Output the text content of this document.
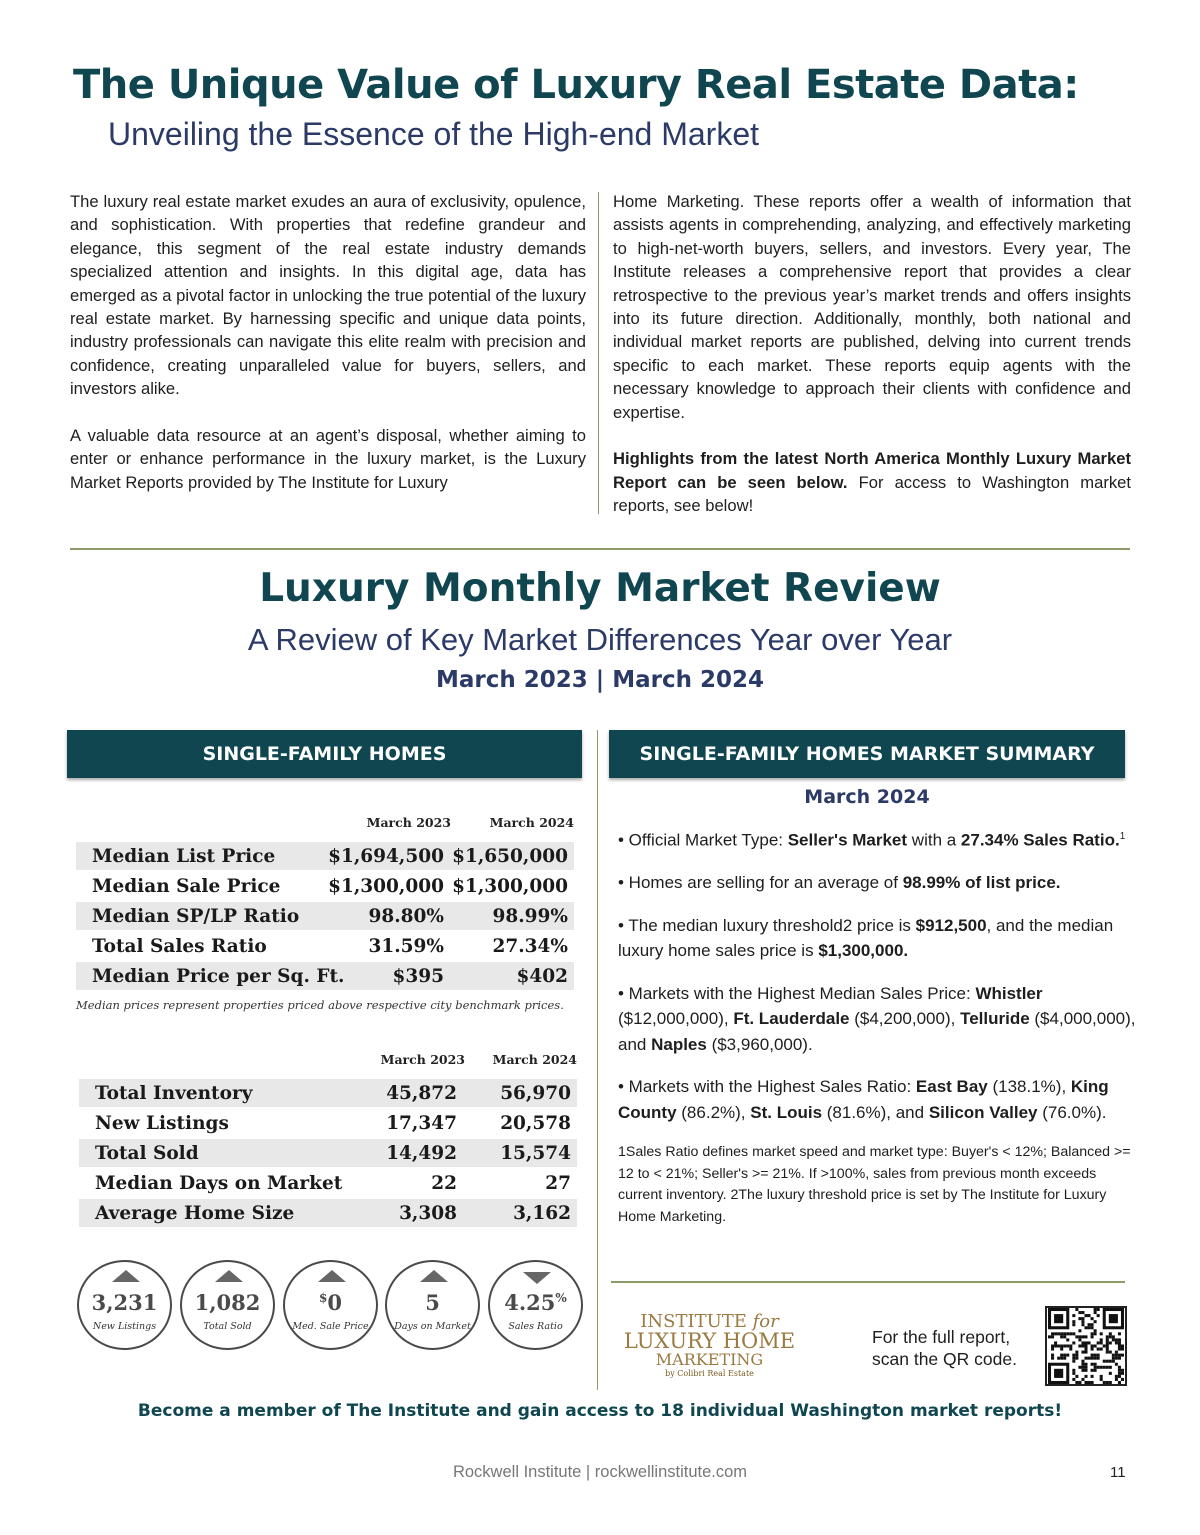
The Unique Value of Luxury Real Estate Data:
Unveiling the Essence of the High-end Market

The luxury real estate market exudes an aura of exclusivity, opulence, and sophistication. With properties that redefine grandeur and elegance, this segment of the real estate industry demands specialized attention and insights. In this digital age, data has emerged as a pivotal factor in unlocking the true potential of the luxury real estate market. By harnessing specific and unique data points, industry professionals can navigate this elite realm with precision and confidence, creating unparalleled value for buyers, sellers, and investors alike.

A valuable data resource at an agent’s disposal, whether aiming to enter or enhance performance in the luxury market, is the Luxury Market Reports provided by The Institute for Luxury

Home Marketing. These reports offer a wealth of information that assists agents in comprehending, analyzing, and effectively marketing to high-net-worth buyers, sellers, and investors. Every year, The Institute releases a comprehensive report that provides a clear retrospective to the previous year’s market trends and offers insights into its future direction. Additionally, monthly, both national and individual market reports are published, delving into current trends specific to each market. These reports equip agents with the necessary knowledge to approach their clients with confidence and expertise.

Highlights from the latest North America Monthly Luxury Market Report can be seen below. For access to Washington market reports, see below!

Luxury Monthly Market Review
A Review of Key Market Differences Year over Year
March 2023 | March 2024
SINGLE-FAMILY HOMES	SINGLE-FAMILY HOMES MARKET SUMMARY
March 2023	March 2024
Median List Price	$1,694,500 $1,650,000
Median Sale Price	$1,300,000 $1,300,000
Median SP/LP Ratio	98.80%	98.99%
Total Sales Ratio	31.59%	27.34%
Median Price per Sq. Ft.	$395	$402
Median prices represent properties priced above respective city benchmark prices.
March 2023	March 2024
Total Inventory	45,872 56,970
New Listings	17,347 20,578
Total Sold	14,492 15,574
Median Days on Market	22	27
Average Home Size	3,308	3,162
3,231
New Listings
1,082
Total Sold
$0
Med. Sale Price
5
Days on Market
4.25%
Sales Ratio
March 2024

• Official Market Type: Seller's Market with a 27.34% Sales Ratio.$^1$

• Homes are selling for an average of 98.99% of list price.

• The median luxury threshold2 price is $912,500, and the median luxury home sales price is $1,300,000.

• Markets with the Highest Median Sales Price: Whistler ($12,000,000), Ft. Lauderdale ($4,200,000), Telluride ($4,000,000), and Naples ($3,960,000).

• Markets with the Highest Sales Ratio: East Bay (138.1%), King County (86.2%), St. Louis (81.6%), and Silicon Valley (76.0%).

1Sales Ratio defines market speed and market type: Buyer's < 12%; Balanced >= 12 to < 21%; Seller's >= 21%. If >100%, sales from previous month exceeds current inventory. 2The luxury threshold price is set by The Institute for Luxury Home Marketing.

INSTITUTE for
LUXURY HOME
MARKETING
by Colibri Real Estate
For the full report,
scan the QR code.
Become a member of The Institute and gain access to 18 individual Washington market reports!
Rockwell Institute | rockwellinstitute.com	11
